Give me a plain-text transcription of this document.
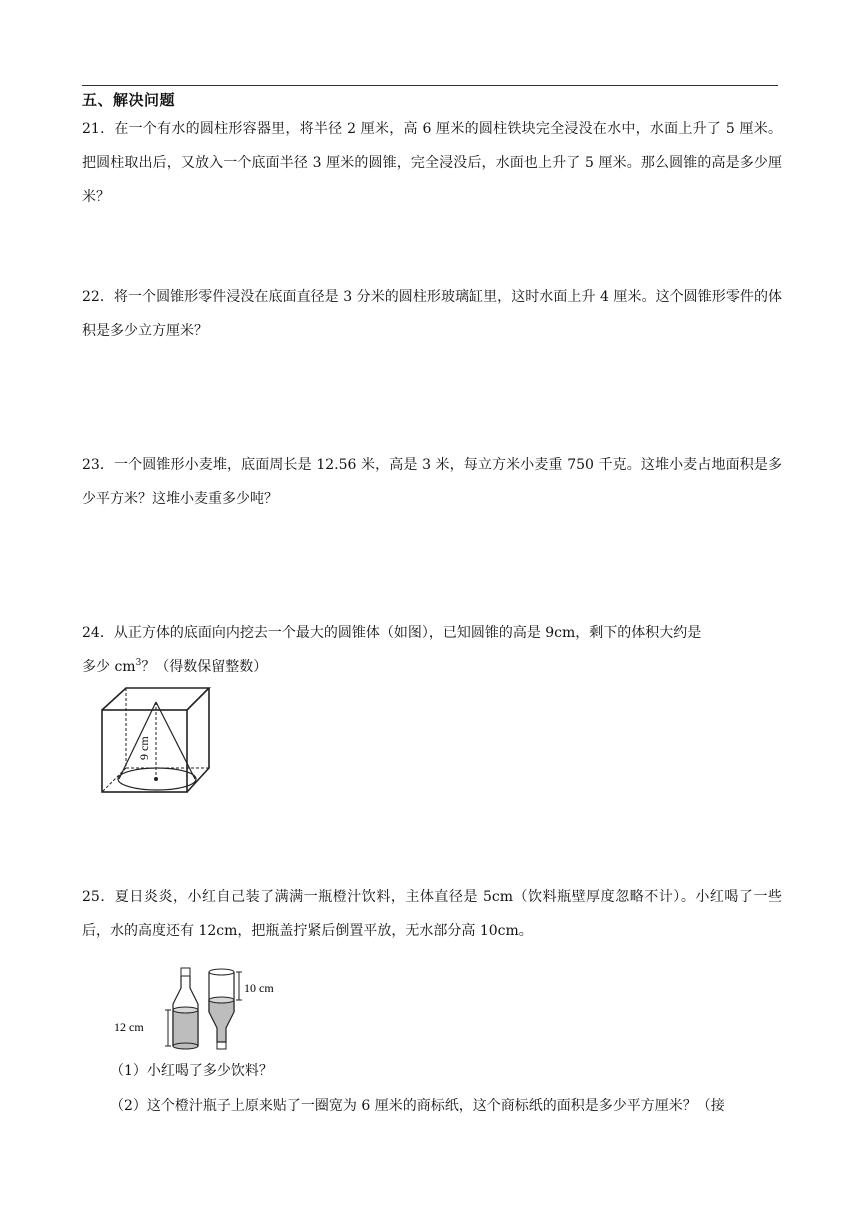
五、解决问题

21．在一个有水的圆柱形容器里，将半径 2 厘米，高 6 厘米的圆柱铁块完全浸没在水中，水面上升了 5 厘米。把圆柱取出后，又放入一个底面半径 3 厘米的圆锥，完全浸没后，水面也上升了 5 厘米。那么圆锥的高是多少厘米？

22．将一个圆锥形零件浸没在底面直径是 3 分米的圆柱形玻璃缸里，这时水面上升 4 厘米。这个圆锥形零件的体积是多少立方厘米？

23．一个圆锥形小麦堆，底面周长是 12.56 米，高是 3 米，每立方米小麦重 750 千克。这堆小麦占地面积是多少平方米？这堆小麦重多少吨？

24．从正方体的底面向内挖去一个最大的圆锥体（如图），已知圆锥的高是 9cm，剩下的体积大约是

多少 $cm^3$？（得数保留整数）

9 cm

25．夏日炎炎，小红自己装了满满一瓶橙汁饮料，主体直径是 5cm（饮料瓶壁厚度忽略不计）。小红喝了一些后，水的高度还有 12cm，把瓶盖拧紧后倒置平放，无水部分高 10cm。

12 cm
10 cm
（1）小红喝了多少饮料？
（2）这个橙汁瓶子上原来贴了一圈宽为 6 厘米的商标纸，这个商标纸的面积是多少平方厘米？（接
